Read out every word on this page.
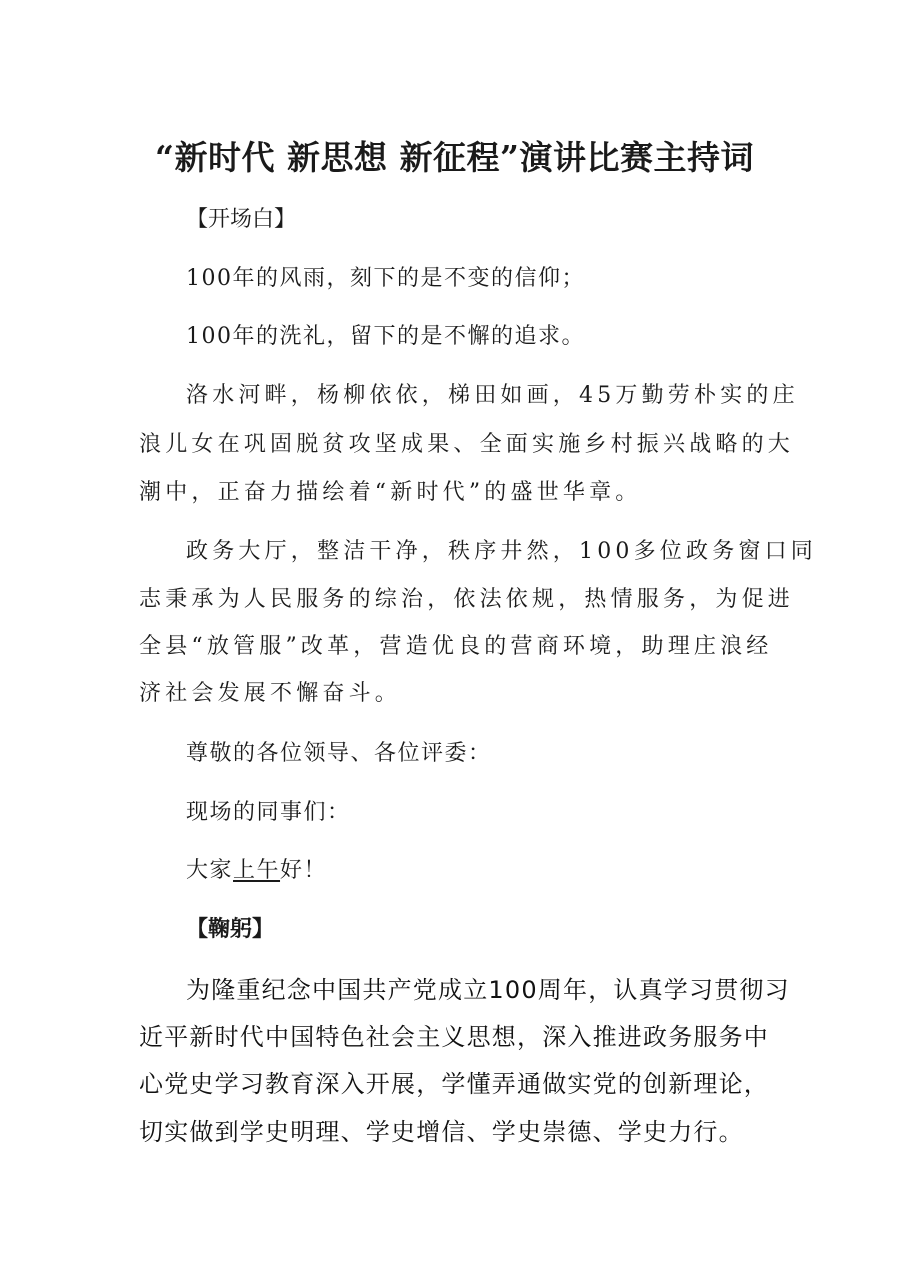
“新时代 新思想 新征程”演讲比赛主持词
【开场白】
100年的风雨，刻下的是不变的信仰；
100年的洗礼，留下的是不懈的追求。
洛水河畔，杨柳依依，梯田如画，45万勤劳朴实的庄
浪儿女在巩固脱贫攻坚成果、全面实施乡村振兴战略的大
潮中，正奋力描绘着“新时代”的盛世华章。
政务大厅，整洁干净，秩序井然，100多位政务窗口同
志秉承为人民服务的综治，依法依规，热情服务，为促进
全县“放管服”改革，营造优良的营商环境，助理庄浪经
济社会发展不懈奋斗。
尊敬的各位领导、各位评委：
现场的同事们：
大家上午好！
【鞠躬】
为隆重纪念中国共产党成立100周年，认真学习贯彻习
近平新时代中国特色社会主义思想，深入推进政务服务中
心党史学习教育深入开展，学懂弄通做实党的创新理论，
切实做到学史明理、学史增信、学史崇德、学史力行。
